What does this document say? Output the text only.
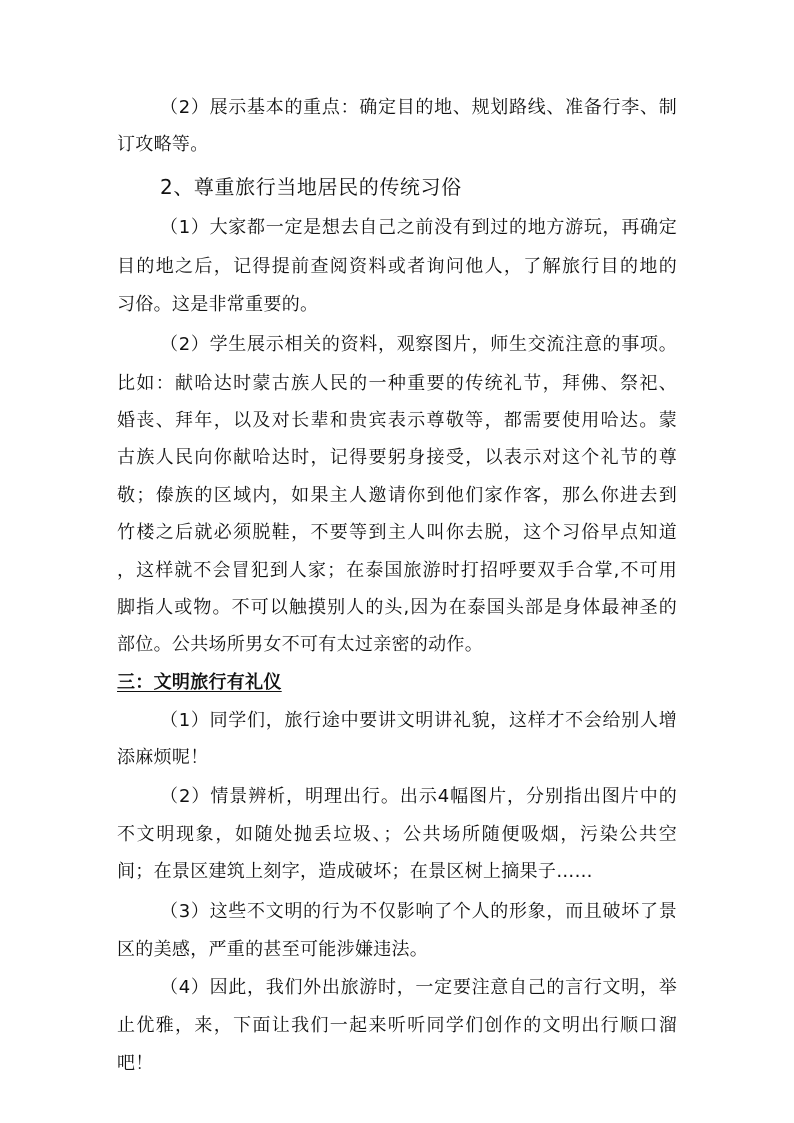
（2）展示基本的重点：确定目的地、规划路线、准备行李、制
订攻略等。
2、尊重旅行当地居民的传统习俗
（1）大家都一定是想去自己之前没有到过的地方游玩，再确定
目的地之后，记得提前查阅资料或者询问他人，了解旅行目的地的
习俗。这是非常重要的。
（2）学生展示相关的资料，观察图片，师生交流注意的事项。
比如：献哈达时蒙古族人民的一种重要的传统礼节，拜佛、祭祀、
婚丧、拜年，以及对长辈和贵宾表示尊敬等，都需要使用哈达。蒙
古族人民向你献哈达时，记得要躬身接受，以表示对这个礼节的尊
敬；傣族的区域内，如果主人邀请你到他们家作客，那么你进去到
竹楼之后就必须脱鞋，不要等到主人叫你去脱，这个习俗早点知道
，这样就不会冒犯到人家；在泰国旅游时打招呼要双手合掌,不可用
脚指人或物。不可以触摸别人的头,因为在泰国头部是身体最神圣的
部位。公共场所男女不可有太过亲密的动作。
三：文明旅行有礼仪
（1）同学们，旅行途中要讲文明讲礼貌，这样才不会给别人增
添麻烦呢！
（2）情景辨析，明理出行。出示4幅图片，分别指出图片中的
不文明现象，如随处抛丢垃圾、；公共场所随便吸烟，污染公共空
间；在景区建筑上刻字，造成破坏；在景区树上摘果子……
（3）这些不文明的行为不仅影响了个人的形象，而且破坏了景
区的美感，严重的甚至可能涉嫌违法。
（4）因此，我们外出旅游时，一定要注意自己的言行文明，举
止优雅，来，下面让我们一起来听听同学们创作的文明出行顺口溜
吧！
